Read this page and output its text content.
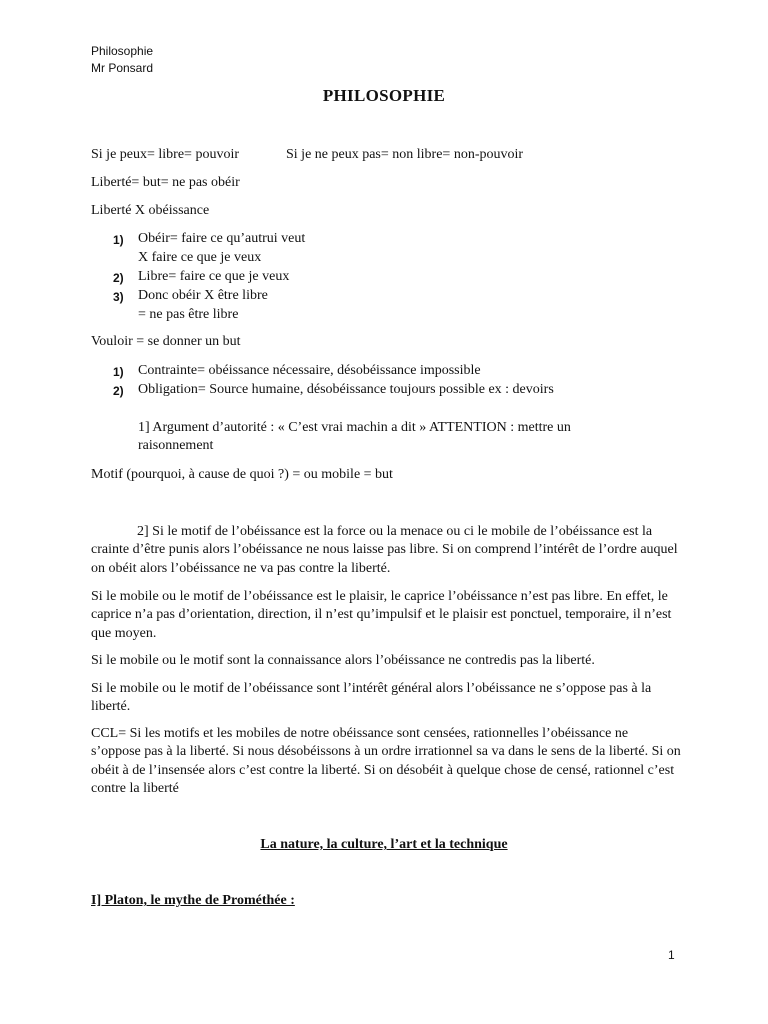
Philosophie
Mr Ponsard
PHILOSOPHIE
Si je peux= libre= pouvoir	Si je ne peux pas= non libre= non-pouvoir
Liberté= but= ne pas obéir
Liberté X obéissance
1) Obéir= faire ce qu’autrui veut
X faire ce que je veux
2) Libre= faire ce que je veux
3) Donc obéir X être libre
= ne pas être libre
Vouloir = se donner un but
1) Contrainte= obéissance nécessaire, désobéissance impossible
2) Obligation= Source humaine, désobéissance toujours possible ex : devoirs
1] Argument d’autorité : « C’est vrai machin a dit » ATTENTION : mettre un
raisonnement
Motif (pourquoi, à cause de quoi ?) = ou mobile = but
2] Si le motif de l’obéissance est la force ou la menace ou ci le mobile de l’obéissance est la crainte d’être punis alors l’obéissance ne nous laisse pas libre. Si on comprend l’intérêt de l’ordre auquel on obéit alors l’obéissance ne va pas contre la liberté.
Si le mobile ou le motif de l’obéissance est le plaisir, le caprice l’obéissance n’est pas libre. En effet, le caprice n’a pas d’orientation, direction, il n’est qu’impulsif et le plaisir est ponctuel, temporaire, il n’est que moyen.
Si le mobile ou le motif sont la connaissance alors l’obéissance ne contredis pas la liberté.
Si le mobile ou le motif de l’obéissance sont l’intérêt général alors l’obéissance ne s’oppose pas à la liberté.
CCL= Si les motifs et les mobiles de notre obéissance sont censées, rationnelles l’obéissance ne s’oppose pas à la liberté. Si nous désobéissons à un ordre irrationnel sa va dans le sens de la liberté. Si on obéit à de l’insensée alors c’est contre la liberté. Si on désobéit à quelque chose de censé, rationnel c’est contre la liberté
La nature, la culture, l’art et la technique
I] Platon, le mythe de Prométhée :
1
